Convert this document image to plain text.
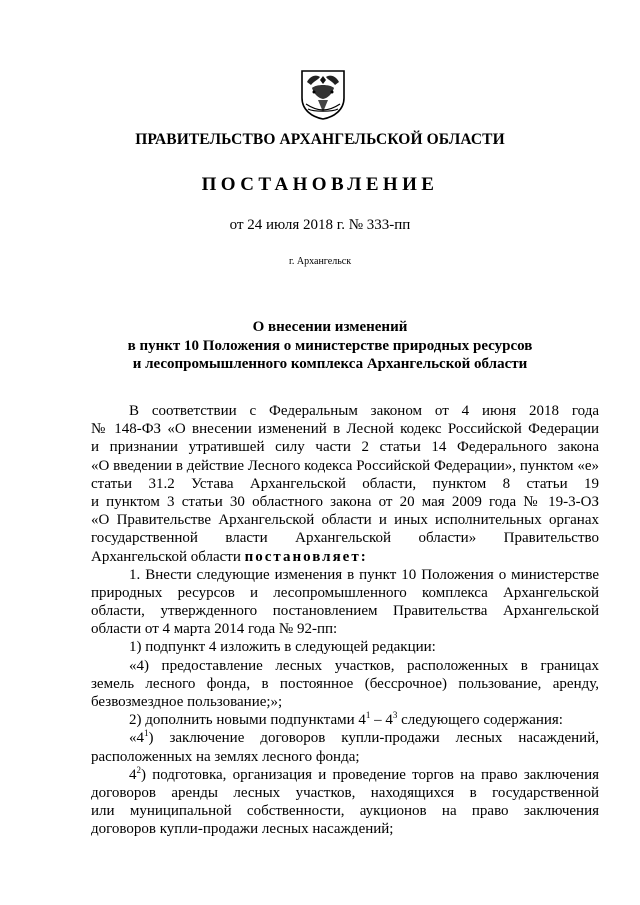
ПРАВИТЕЛЬСТВО АРХАНГЕЛЬСКОЙ ОБЛАСТИ
ПОСТАНОВЛЕНИЕ
от 24 июля 2018 г. № 333-пп
г. Архангельск
О внесении изменений
в пункт 10 Положения о министерстве природных ресурсов
и лесопромышленного комплекса Архангельской области
В соответствии с Федеральным законом от 4 июня 2018 года
№ 148-ФЗ «О внесении изменений в Лесной кодекс Российской Федерации
и признании утратившей силу части 2 статьи 14 Федерального закона
«О введении в действие Лесного кодекса Российской Федерации», пунктом «е»
статьи 31.2 Устава Архангельской области, пунктом 8 статьи 19
и пунктом 3 статьи 30 областного закона от 20 мая 2009 года № 19-3-ОЗ
«О Правительстве Архангельской области и иных исполнительных органах
государственной власти Архангельской области» Правительство
Архангельской области постановляет:
1. Внести следующие изменения в пункт 10 Положения о министерстве
природных ресурсов и лесопромышленного комплекса Архангельской
области, утвержденного постановлением Правительства Архангельской
области от 4 марта 2014 года № 92-пп:
1) подпункт 4 изложить в следующей редакции:
«4) предоставление лесных участков, расположенных в границах
земель лесного фонда, в постоянное (бессрочное) пользование, аренду,
безвозмездное пользование;»;
2) дополнить новыми подпунктами $4^1 - 4^3$ следующего содержания:
«$4^1$) заключение договоров купли-продажи лесных насаждений,
расположенных на землях лесного фонда;
$4^2$) подготовка, организация и проведение торгов на право заключения
договоров аренды лесных участков, находящихся в государственной
или муниципальной собственности, аукционов на право заключения
договоров купли-продажи лесных насаждений;
